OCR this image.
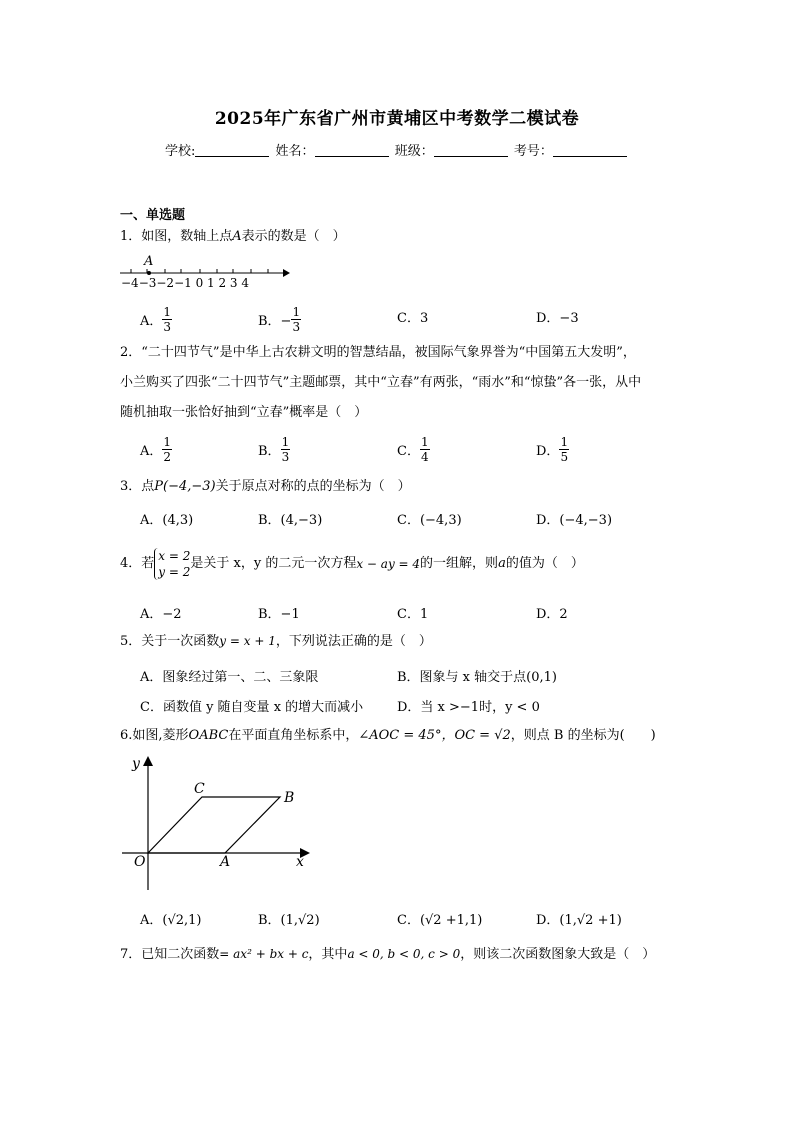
2025年广东省广州市黄埔区中考数学二模试卷
学校:	姓名：	班级：	考号：
一、单选题
1．如图，数轴上点A表示的数是（　）
A
−4−3−2−1 0 1 2 3 4
A． $\frac{1}{3}$	B．− $\frac{1}{3}$	C．3	D．−3
2．“二十四节气”是中华上古农耕文明的智慧结晶，被国际气象界誉为“中国第五大发明”，
小兰购买了四张“二十四节气”主题邮票，其中“立春”有两张，“雨水”和“惊蛰”各一张，从中
随机抽取一张恰好抽到“立春”概率是（　）
A． $\frac{1}{2}$	B． $\frac{1}{3}$	C． $\frac{1}{4}$	D． $\frac{1}{5}$
3．点P(−4,−3)关于原点对称的点的坐标为（　）
A．(4,3)	B．(4,−3)	C．(−4,3)	D．(−4,−3)
4．若 x = 2
y = 2
是关于 x，y 的二元一次方程x − ay = 4的一组解，则a的值为（　）
A．−2	B．−1	C．1	D．2
5．关于一次函数y = x + 1，下列说法正确的是（　）
A．图象经过第一、二、三象限	B．图象与 x 轴交于点(0,1)
C．函数值 y 随自变量 x 的增大而减小	D．当 x >−1时，y < 0
6.如图,菱形OABC在平面直角坐标系中，∠AOC = 45°，OC = √2，则点 B 的坐标为(　　)
y
x
O	A
B
C
A．(√2,1)	B．(1,√2)	C．(√2 +1,1)	D．(1,√2 +1)
7．已知二次函数= ax² + bx + c，其中a < 0, b < 0, c > 0，则该二次函数图象大致是（　）
